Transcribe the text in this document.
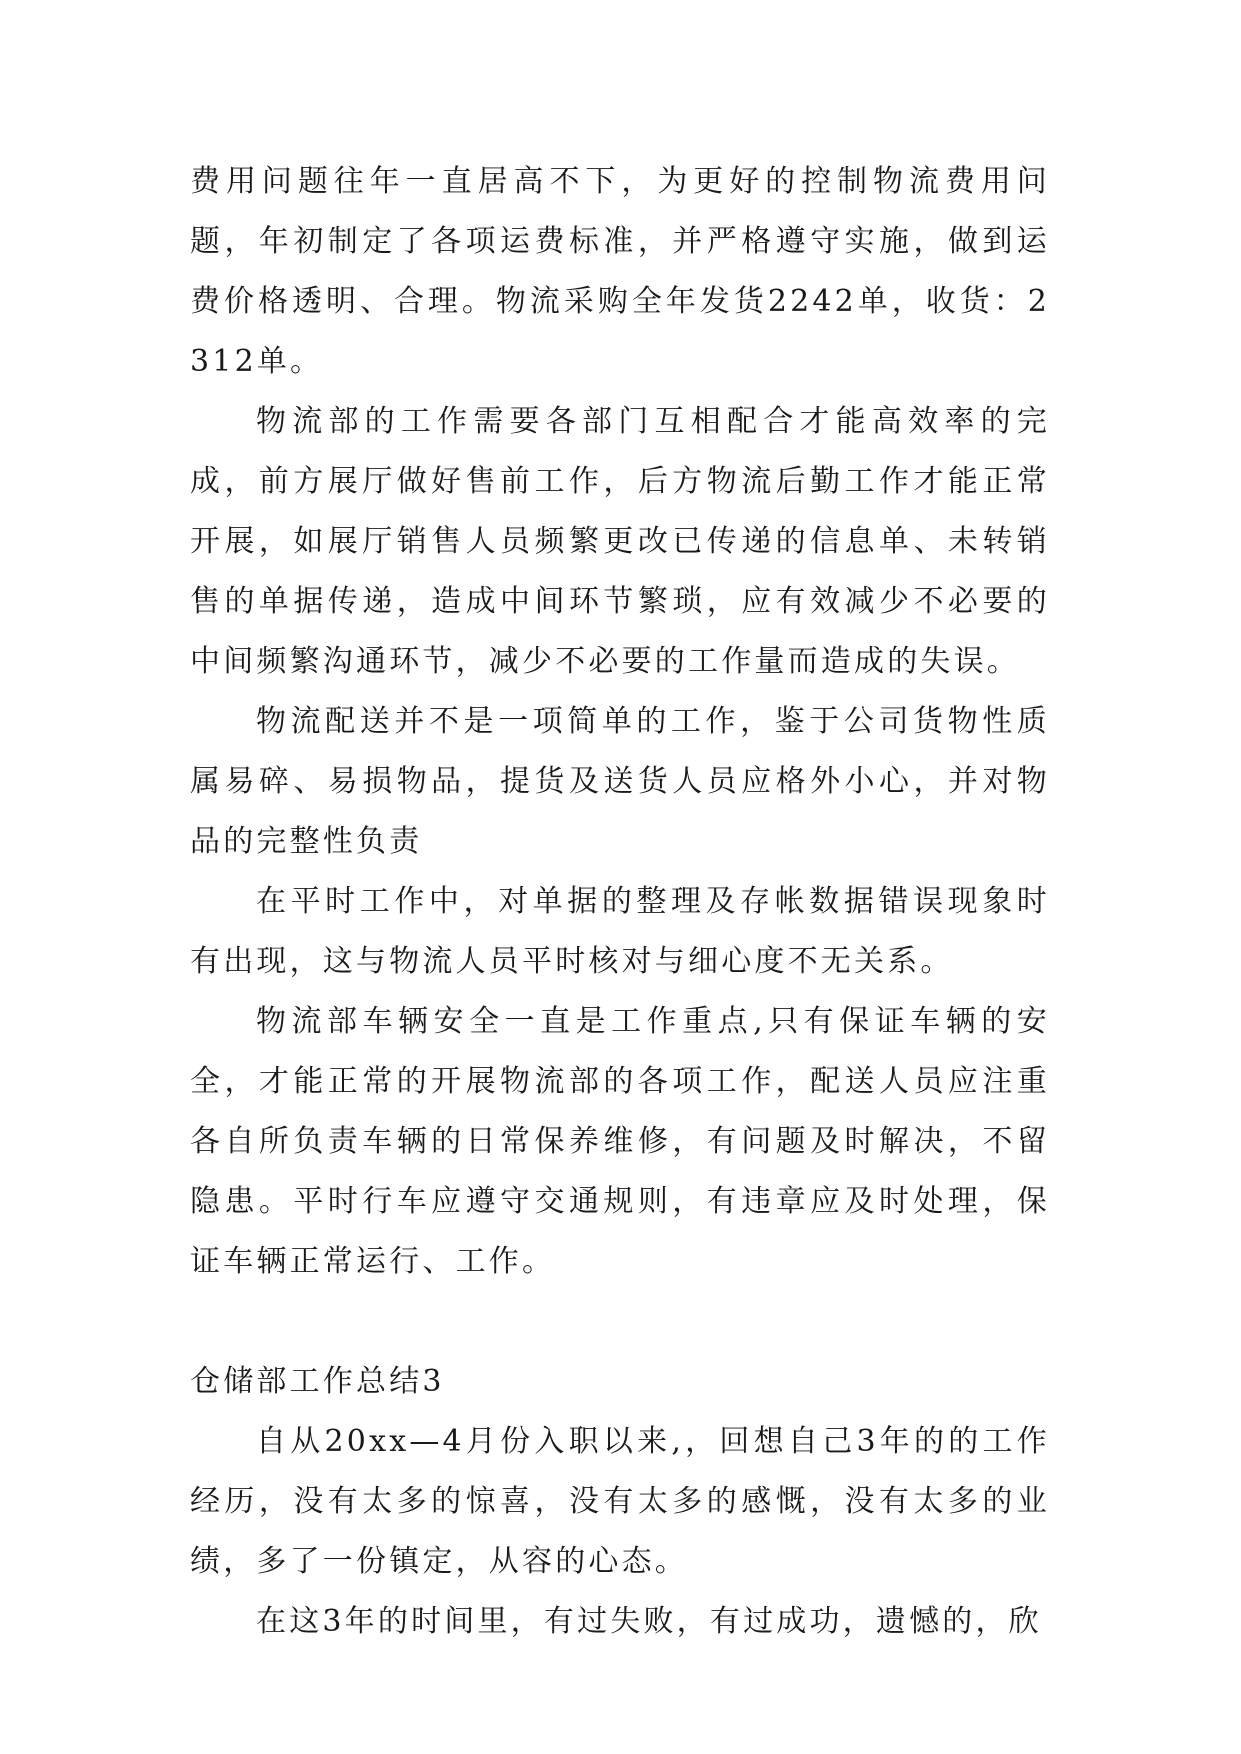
费用问题往年一直居高不下，为更好的控制物流费用问题，年初制定了各项运费标准，并严格遵守实施，做到运费价格透明、合理。物流采购全年发货2242单，收货：2312单。

物流部的工作需要各部门互相配合才能高效率的完成，前方展厅做好售前工作，后方物流后勤工作才能正常开展，如展厅销售人员频繁更改已传递的信息单、未转销售的单据传递，造成中间环节繁琐，应有效减少不必要的中间频繁沟通环节，减少不必要的工作量而造成的失误。

物流配送并不是一项简单的工作，鉴于公司货物性质属易碎、易损物品，提货及送货人员应格外小心，并对物品的完整性负责

在平时工作中，对单据的整理及存帐数据错误现象时有出现，这与物流人员平时核对与细心度不无关系。

物流部车辆安全一直是工作重点,只有保证车辆的安全，才能正常的开展物流部的各项工作，配送人员应注重各自所负责车辆的日常保养维修，有问题及时解决，不留隐患。平时行车应遵守交通规则，有违章应及时处理，保证车辆正常运行、工作。

仓储部工作总结3

自从20xx—4月份入职以来,，回想自己3年的的工作经历，没有太多的惊喜，没有太多的感慨，没有太多的业绩，多了一份镇定，从容的心态。

在这3年的时间里，有过失败，有过成功，遗憾的，欣
